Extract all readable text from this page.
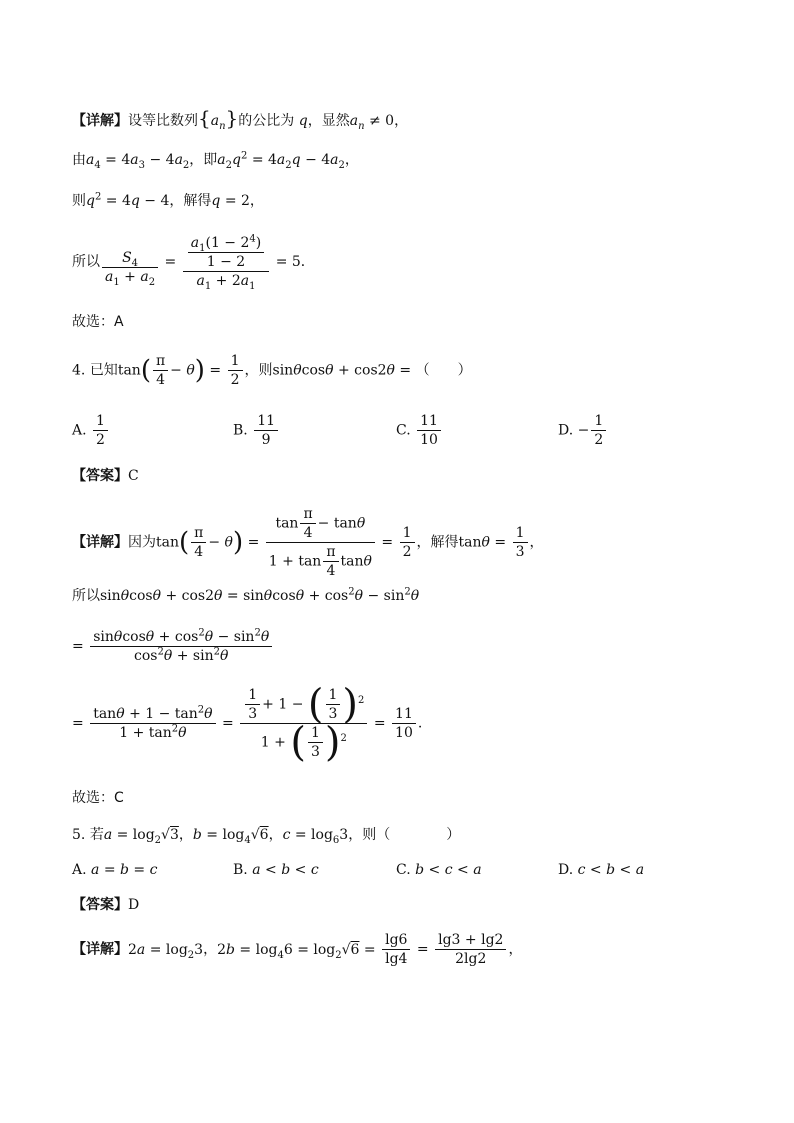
【详解】设等比数列$\{a_n\}$的公比为 q，显然$a_n \ne 0$，
由$a_4 = 4a_3 - 4a_2$，即$a_2q^2 = 4a_2q - 4a_2$，
则$q^2 = 4q - 4$，解得q = 2，
所以 $\frac{S_4}{a_1 + a_2} = \frac{\frac{a_1(1 - 2^4)}{1 - 2}}{a_1 + 2a_1} = 5$．
故选：A
4. 已知$\tan( \frac{\pi}{4} - \theta) = \frac{1}{2}$ ，则sinθcosθ + cos2θ = （　　）
A. $\frac{1}{2}$	B. $\frac{11}{9}$	C. $\frac{11}{10}$	D. − $\frac{1}{2}$
【答案】C
【详解】因为$\tan( \frac{\pi}{4} - \theta) = \frac{\tan \frac{\pi}{4} - \tan\theta}{1 + \tan \frac{\pi}{4} \tan\theta} = \frac{1}{2}$ ，解得$\tan\theta = \frac{1}{3}$ ，
所以$\sin\theta\cos\theta + \cos 2\theta = \sin\theta\cos\theta + \cos^2\theta - \sin^2\theta$
= $\frac{\sin\theta\cos\theta + \cos^2\theta - \sin^2\theta}{\cos^2\theta + \sin^2\theta}$
= $\frac{\tan\theta + 1 - \tan^2\theta}{1 + \tan^2\theta} = \frac{\frac{1}{3} + 1 - ( \frac{1}{3} )^2}{1 + ( \frac{1}{3} )^2} = \frac{11}{10}$ .
故选：C
5. 若$a = \log_2√3$，$b = \log_4√6$，$c = \log_63$，则（　　　　）
A. a = b = c	B. a < b < c	C. b < c < a	D. c < b < a
【答案】D
【详解】$2a = \log_23$，$2b = \log_46 = \log_2√6 = \frac{\lg 6}{\lg 4} = \frac{\lg 3 + \lg 2}{2\lg 2}$ ，
